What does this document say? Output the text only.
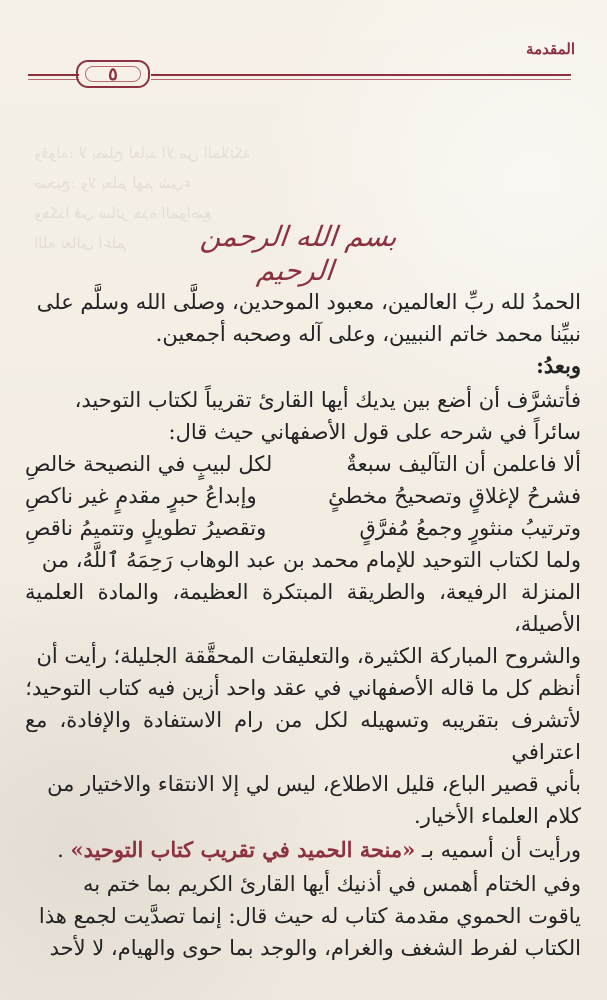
وقوله: لا يصلح لعابد الا من الملائكة
صحيح: ولا يعلم لهم شيء
وهكذا في سائر هذه المواضع
الله تعالى اعلم

المقدمة
٥
بسم الله الرحمن الرحيم

الحمدُ لله ربِّ العالمين، معبود الموحدين، وصلَّى الله وسلَّم على

نبيِّنا محمد خاتم النبيين، وعلى آله وصحبه أجمعين.

وبعدُ:

فأتشرَّف أن أضع بين يديك أيها القارئ تقريباً لكتاب التوحيد،

سائراً في شرحه على قول الأصفهاني حيث قال:

ألا فاعلمن أن التآليف سبعةٌ
لكل لبيبٍ في النصيحة خالصِ
فشرحُ لإغلاقٍ وتصحيحُ مخطئٍ
وإبداعُ حبرٍ مقدمٍ غير ناكصِ
وترتيبُ منثورٍ وجمعُ مُفرَّقٍ
وتقصيرُ تطويلٍ وتتميمُ ناقصِ

ولما لكتاب التوحيد للإمام محمد بن عبد الوهاب رَحِمَهُ ٱللَّهُ، من

المنزلة الرفيعة، والطريقة المبتكرة العظيمة، والمادة العلمية الأصيلة،

والشروح المباركة الكثيرة، والتعليقات المحقَّقة الجليلة؛ رأيت أن

أنظم كل ما قاله الأصفهاني في عقد واحد أزين فيه كتاب التوحيد؛

لأتشرف بتقريبه وتسهيله لكل من رام الاستفادة والإفادة، مع اعترافي

بأني قصير الباع، قليل الاطلاع، ليس لي إلا الانتقاء والاختيار من

كلام العلماء الأخيار.

ورأيت أن أسميه بـ «منحة الحميد في تقريب كتاب التوحيد» .

وفي الختام أهمس في أذنيك أيها القارئ الكريم بما ختم به

ياقوت الحموي مقدمة كتاب له حيث قال: إنما تصدَّيت لجمع هذا

الكتاب لفرط الشغف والغرام، والوجد بما حوى والهيام، لا لأحد
